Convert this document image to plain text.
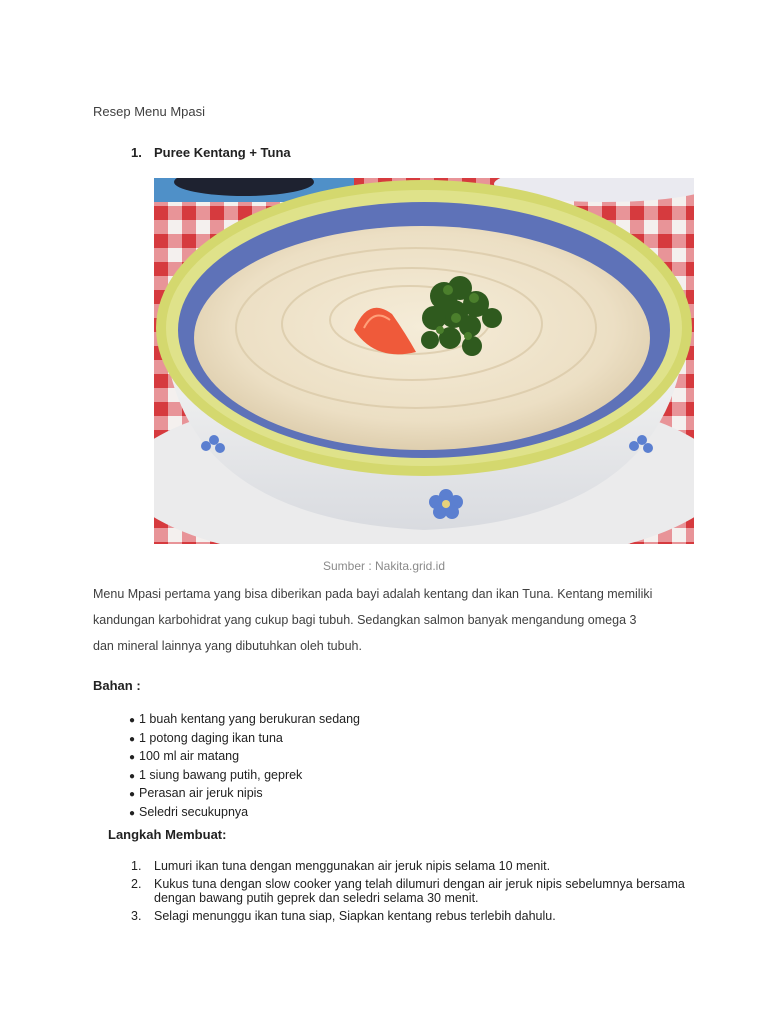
Resep Menu Mpasi
1. Puree Kentang + Tuna
Sumber : Nakita.grid.id

Menu Mpasi pertama yang bisa diberikan pada bayi adalah kentang dan ikan Tuna. Kentang memiliki

kandungan karbohidrat yang cukup bagi tubuh. Sedangkan salmon banyak mengandung omega 3

dan mineral lainnya yang dibutuhkan oleh tubuh.

Bahan :
● 1 buah kentang yang berukuran sedang
● 1 potong daging ikan tuna
● 100 ml air matang
● 1 siung bawang putih, geprek
● Perasan air jeruk nipis
● Seledri secukupnya
Langkah Membuat:
1.	Lumuri ikan tuna dengan menggunakan air jeruk nipis selama 10 menit.
2.	Kukus tuna dengan slow cooker yang telah dilumuri dengan air jeruk nipis sebelumnya bersama dengan bawang putih geprek dan seledri selama 30 menit.
3.	Selagi menunggu ikan tuna siap, Siapkan kentang rebus terlebih dahulu.
